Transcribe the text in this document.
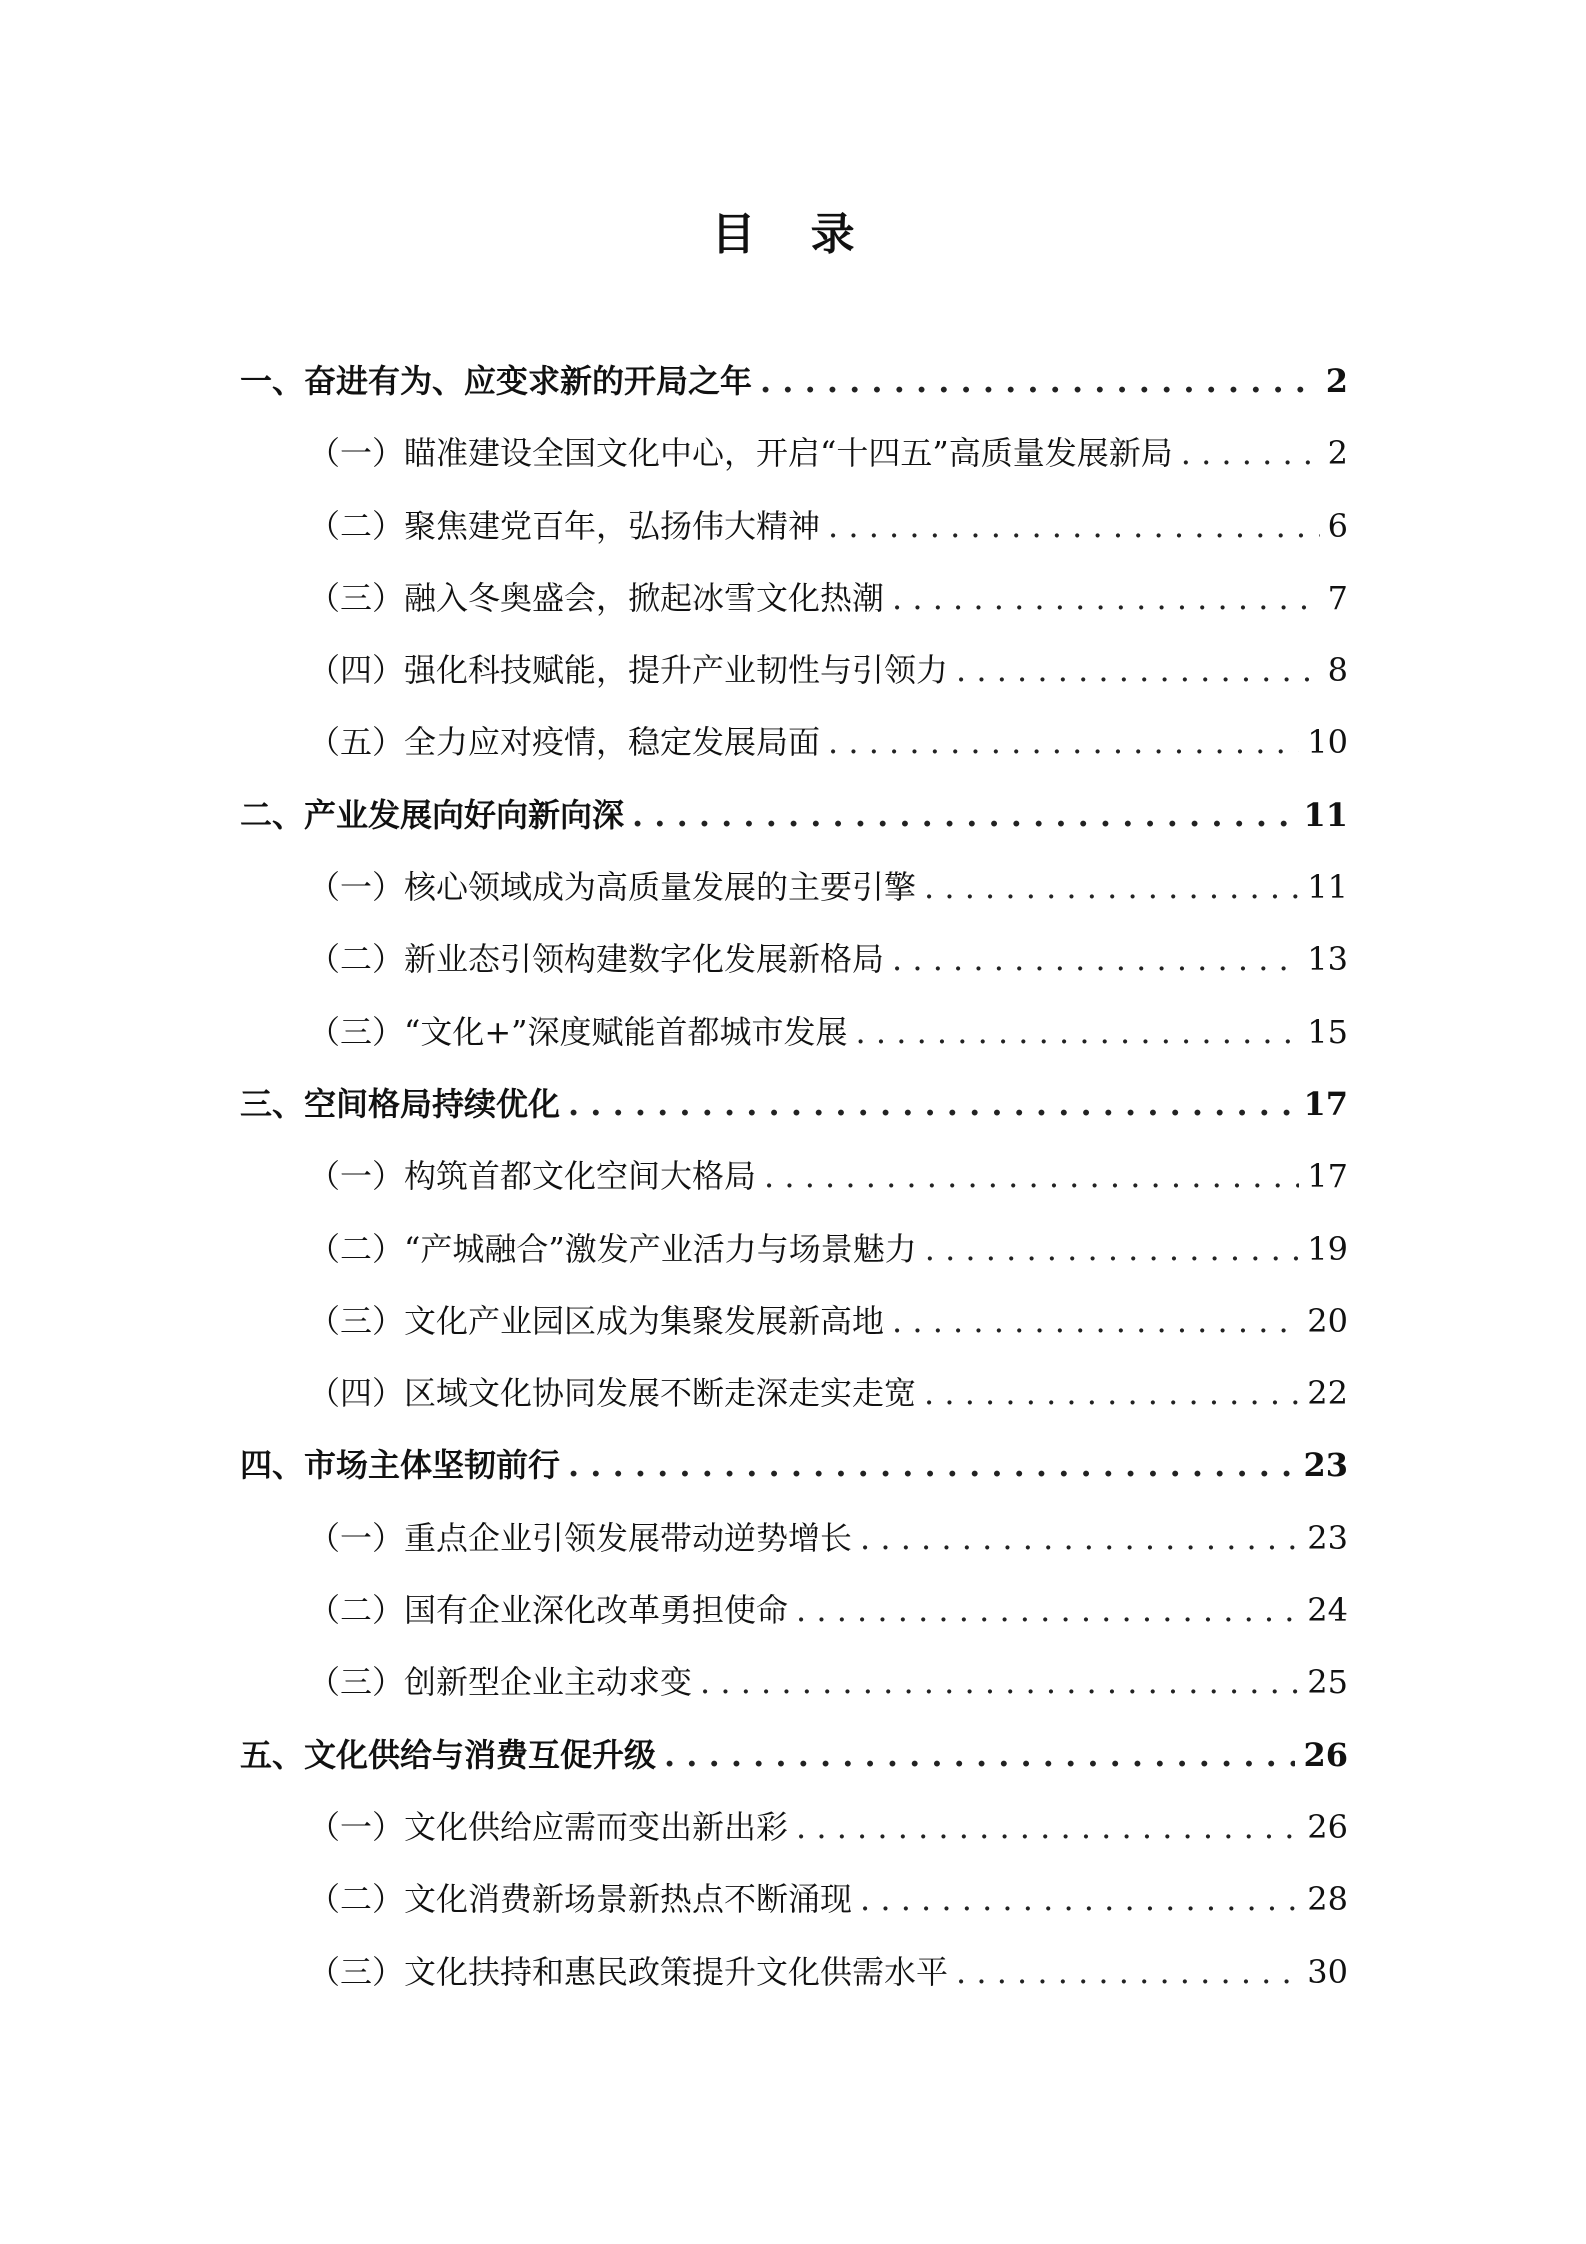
目 录
一、奋进有为、应变求新的开局之年 . . .	2
（一）瞄准建设全国文化中心，开启“十四五”高质量发展新局 . . .	2
（二）聚焦建党百年，弘扬伟大精神 . . .	6
（三）融入冬奥盛会，掀起冰雪文化热潮 . . .	7
（四）强化科技赋能，提升产业韧性与引领力 . . .	8
（五）全力应对疫情，稳定发展局面 . . .	10
二、产业发展向好向新向深 . . .	11
（一）核心领域成为高质量发展的主要引擎 . . .	11
（二）新业态引领构建数字化发展新格局 . . .	13
（三）“文化+”深度赋能首都城市发展 . . .	15
三、空间格局持续优化 . . .	17
（一）构筑首都文化空间大格局 . . .	17
（二）“产城融合”激发产业活力与场景魅力 . . .	19
（三）文化产业园区成为集聚发展新高地 . . .	20
（四）区域文化协同发展不断走深走实走宽 . . .	22
四、市场主体坚韧前行 . . .	23
（一）重点企业引领发展带动逆势增长 . . .	23
（二）国有企业深化改革勇担使命 . . .	24
（三）创新型企业主动求变 . . .	25
五、文化供给与消费互促升级 . . .	26
（一）文化供给应需而变出新出彩 . . .	26
（二）文化消费新场景新热点不断涌现 . . .	28
（三）文化扶持和惠民政策提升文化供需水平 . . .	30
